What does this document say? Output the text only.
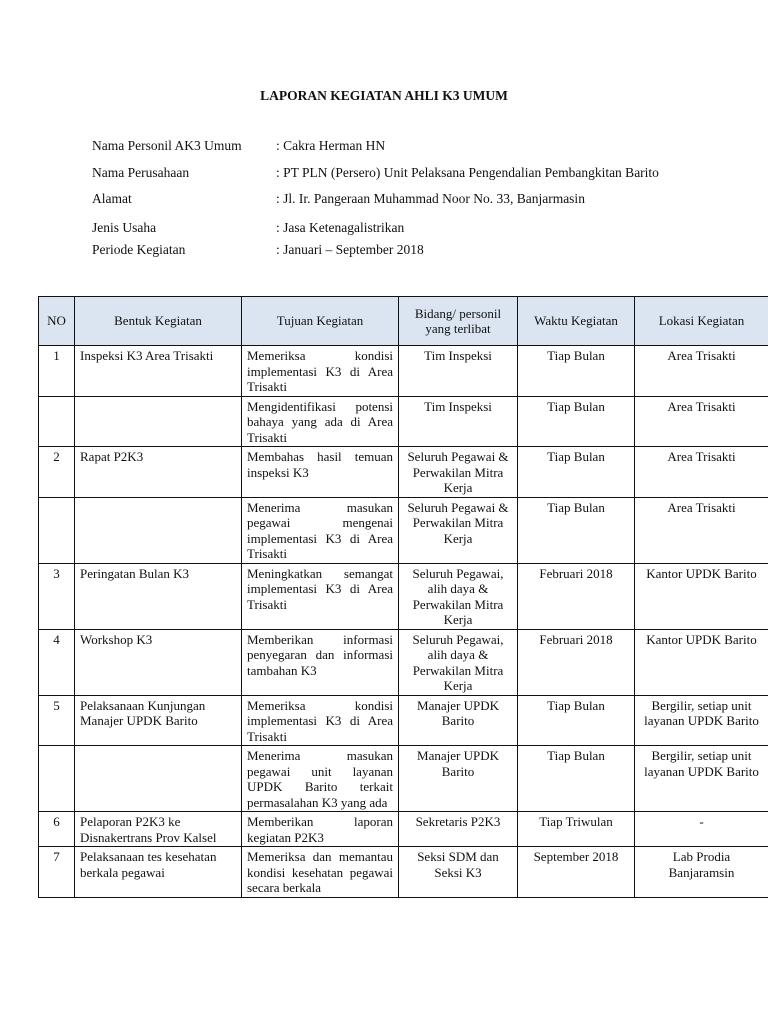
LAPORAN KEGIATAN AHLI K3 UMUM
Nama Personil AK3 Umum	: Cakra Herman HN
Nama Perusahaan	: PT PLN (Persero) Unit Pelaksana Pengendalian Pembangkitan Barito
Alamat	: Jl. Ir. Pangeraan Muhammad Noor No. 33, Banjarmasin
Jenis Usaha	: Jasa Ketenagalistrikan
Periode Kegiatan	: Januari – September 2018
NO	Bentuk Kegiatan	Tujuan Kegiatan	Bidang/ personil yang terlibat	Waktu Kegiatan	Lokasi Kegiatan
1	Inspeksi K3 Area Trisakti	Memeriksa kondisi implementasi K3 di Area Trisakti	Tim Inspeksi	Tiap Bulan	Area Trisakti
		Mengidentifikasi potensi bahaya yang ada di Area Trisakti	Tim Inspeksi	Tiap Bulan	Area Trisakti
2	Rapat P2K3	Membahas hasil temuan inspeksi K3	Seluruh Pegawai & Perwakilan Mitra Kerja	Tiap Bulan	Area Trisakti
		Menerima masukan pegawai mengenai implementasi K3 di Area Trisakti	Seluruh Pegawai & Perwakilan Mitra Kerja	Tiap Bulan	Area Trisakti
3	Peringatan Bulan K3	Meningkatkan semangat implementasi K3 di Area Trisakti	Seluruh Pegawai, alih daya & Perwakilan Mitra Kerja	Februari 2018	Kantor UPDK Barito
4	Workshop K3	Memberikan informasi penyegaran dan informasi tambahan K3	Seluruh Pegawai, alih daya & Perwakilan Mitra Kerja	Februari 2018	Kantor UPDK Barito
5	Pelaksanaan Kunjungan Manajer UPDK Barito	Memeriksa kondisi implementasi K3 di Area Trisakti	Manajer UPDK Barito	Tiap Bulan	Bergilir, setiap unit layanan UPDK Barito
		Menerima masukan pegawai unit layanan UPDK Barito terkait permasalahan K3 yang ada	Manajer UPDK Barito	Tiap Bulan	Bergilir, setiap unit layanan UPDK Barito
6	Pelaporan P2K3 ke Disnakertrans Prov Kalsel	Memberikan laporan kegiatan P2K3	Sekretaris P2K3	Tiap Triwulan	-
7	Pelaksanaan tes kesehatan berkala pegawai	Memeriksa dan memantau kondisi kesehatan pegawai secara berkala	Seksi SDM dan Seksi K3	September 2018	Lab Prodia Banjaramsin
